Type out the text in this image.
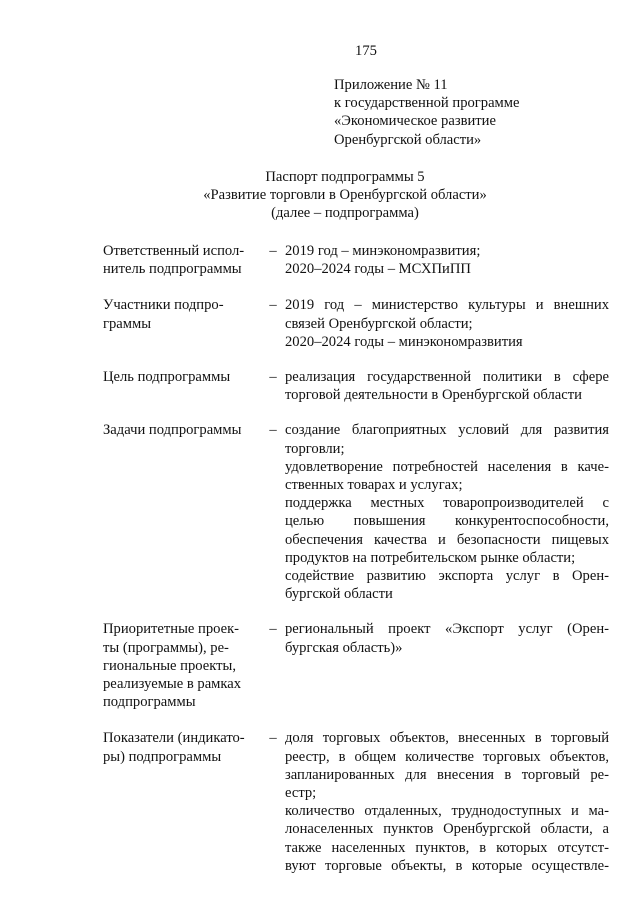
175
Приложение № 11
к государственной программе
«Экономическое развитие
Оренбургской области»
Паспорт подпрограммы 5
«Развитие торговли в Оренбургской области»
(далее – подпрограмма)
Ответственный испол-
нитель подпрограммы
– 2019 год – минэкономразвития;
2020–2024 годы – МСХПиПП
Участники подпро-
граммы
– 2019 год – министерство культуры и внешних
связей Оренбургской области;
2020–2024 годы – минэкономразвития
Цель подпрограммы	– реализация государственной политики в сфере
торговой деятельности в Оренбургской области
Задачи подпрограммы	– создание благоприятных условий для развития
торговли;
удовлетворение потребностей населения в каче-
ственных товарах и услугах;
поддержка местных товаропроизводителей с
целью повышения конкурентоспособности,
обеспечения качества и безопасности пищевых
продуктов на потребительском рынке области;
содействие развитию экспорта услуг в Орен-
бургской области
Приоритетные проек-
ты (программы), ре-
гиональные проекты,
реализуемые в рамках
подпрограммы
– региональный проект «Экспорт услуг (Орен-
бургская область)»
Показатели (индикато-
ры) подпрограммы
– доля торговых объектов, внесенных в торговый
реестр, в общем количестве торговых объектов,
запланированных для внесения в торговый ре-
естр;
количество отдаленных, труднодоступных и ма-
лонаселенных пунктов Оренбургской области, а
также населенных пунктов, в которых отсутст-
вуют торговые объекты, в которые осуществле-
